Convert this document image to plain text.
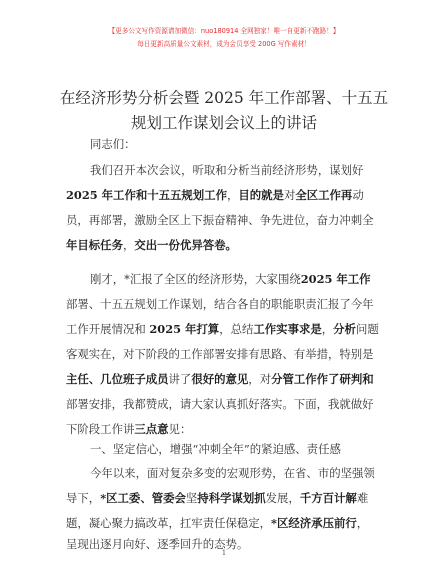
【更多公文写作资源请加微信：nuo180914 全网独家！唯一自更新不跑路！】
每日更新高质量公文素材，成为会员享受 200G 写作素材！
在经济形势分析会暨 2025 年工作部署、十五五
规划工作谋划会议上的讲话
同志们：
我们召开本次会议，听取和分析当前经济形势，谋划好
2025 年工作和十五五规划工作，目的就是对全区工作再动
员，再部署，激励全区上下振奋精神、争先进位，奋力冲刺全
年目标任务，交出一份优异答卷。
刚才，*汇报了全区的经济形势，大家围绕2025 年工作
部署、十五五规划工作谋划，结合各自的职能职责汇报了今年
工作开展情况和 2025 年打算，总结工作实事求是，分析问题
客观实在，对下阶段的工作部署安排有思路、有举措，特别是
主任、几位班子成员讲了很好的意见，对分管工作作了研判和
部署安排，我都赞成，请大家认真抓好落实。下面，我就做好
下阶段工作讲三点意见：
一、坚定信心，增强“冲刺全年”的紧迫感、责任感
今年以来，面对复杂多变的宏观形势，在省、市的坚强领
导下，*区工委、管委会坚持科学谋划抓发展，千方百计解难
题，凝心聚力搞改革，扛牢责任保稳定，*区经济承压前行，
呈现出逐月向好、逐季回升的态势。
1
